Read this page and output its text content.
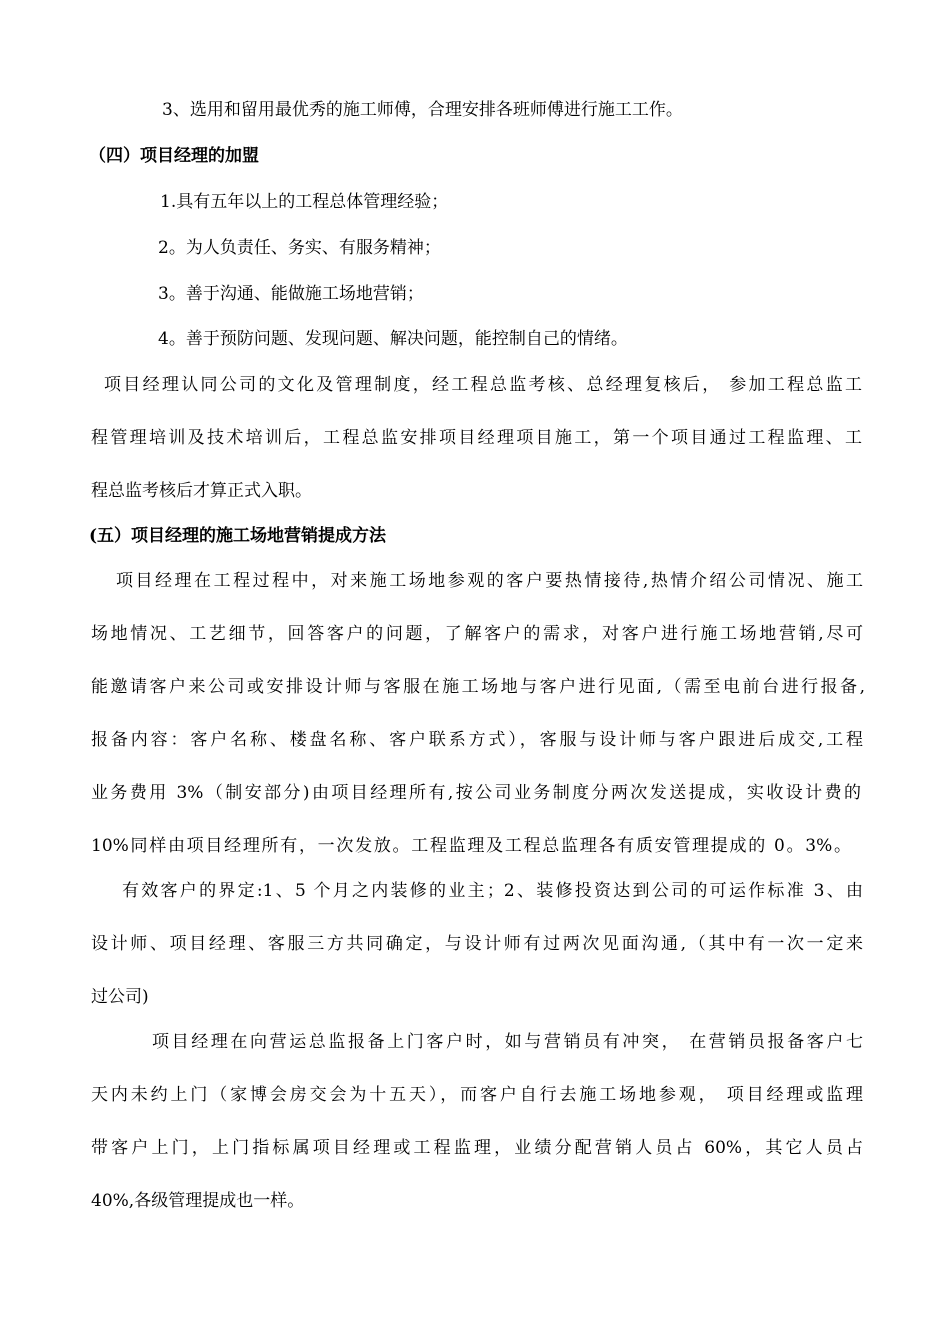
3、选用和留用最优秀的施工师傅，合理安排各班师傅进行施工工作。
（四）项目经理的加盟
1.具有五年以上的工程总体管理经验；
2。为人负责任、务实、有服务精神；
3。善于沟通、能做施工场地营销；
4。善于预防问题、发现问题、解决问题，能控制自己的情绪。
项目经理认同公司的文化及管理制度，经工程总监考核、总经理复核后， 参加工程总监工
程管理培训及技术培训后，工程总监安排项目经理项目施工，第一个项目通过工程监理、工
程总监考核后才算正式入职。
(五）项目经理的施工场地营销提成方法
项目经理在工程过程中，对来施工场地参观的客户要热情接待,热情介绍公司情况、施工
场地情况、工艺细节，回答客户的问题，了解客户的需求，对客户进行施工场地营销,尽可
能邀请客户来公司或安排设计师与客服在施工场地与客户进行见面,（需至电前台进行报备,
报备内容：客户名称、楼盘名称、客户联系方式），客服与设计师与客户跟进后成交,工程
业务费用 3%（制安部分)由项目经理所有,按公司业务制度分两次发送提成，实收设计费的
10%同样由项目经理所有，一次发放。工程监理及工程总监理各有质安管理提成的 0。3%。
有效客户的界定:1、5 个月之内装修的业主；2、装修投资达到公司的可运作标准 3、由
设计师、项目经理、客服三方共同确定，与设计师有过两次见面沟通,（其中有一次一定来
过公司)
项目经理在向营运总监报备上门客户时，如与营销员有冲突， 在营销员报备客户七
天内未约上门（家博会房交会为十五天），而客户自行去施工场地参观， 项目经理或监理
带客户上门，上门指标属项目经理或工程监理，业绩分配营销人员占 60%，其它人员占
40%,各级管理提成也一样。
